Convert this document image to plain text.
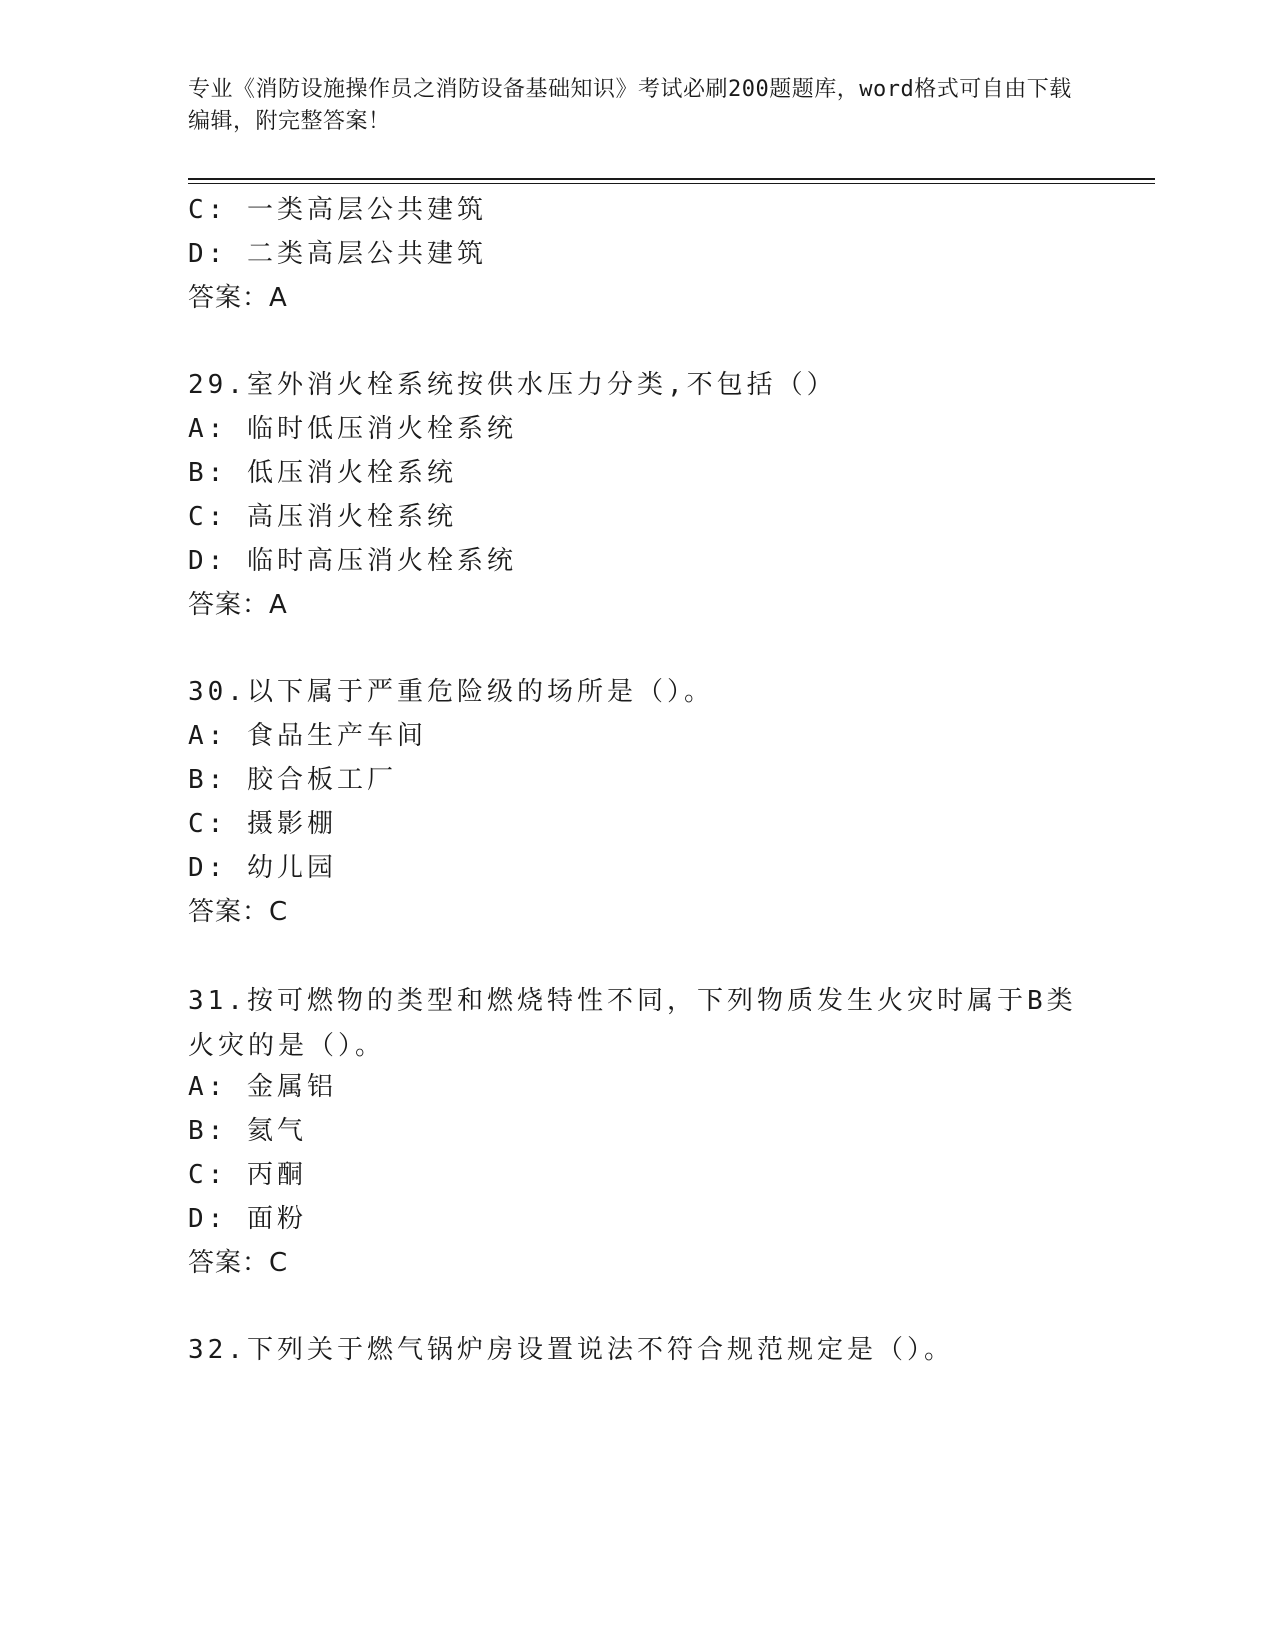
专业《消防设施操作员之消防设备基础知识》考试必刷200题题库，word格式可自由下载编辑，附完整答案！
C: 一类高层公共建筑
D: 二类高层公共建筑
答案：A
29.室外消火栓系统按供水压力分类,不包括（）
A: 临时低压消火栓系统
B: 低压消火栓系统
C: 高压消火栓系统
D: 临时高压消火栓系统
答案：A
30.以下属于严重危险级的场所是（）。
A: 食品生产车间
B: 胶合板工厂
C: 摄影棚
D: 幼儿园
答案：C
31.按可燃物的类型和燃烧特性不同，下列物质发生火灾时属于B类火灾的是（）。
A: 金属铝
B: 氦气
C: 丙酮
D: 面粉
答案：C
32.下列关于燃气锅炉房设置说法不符合规范规定是（）。
